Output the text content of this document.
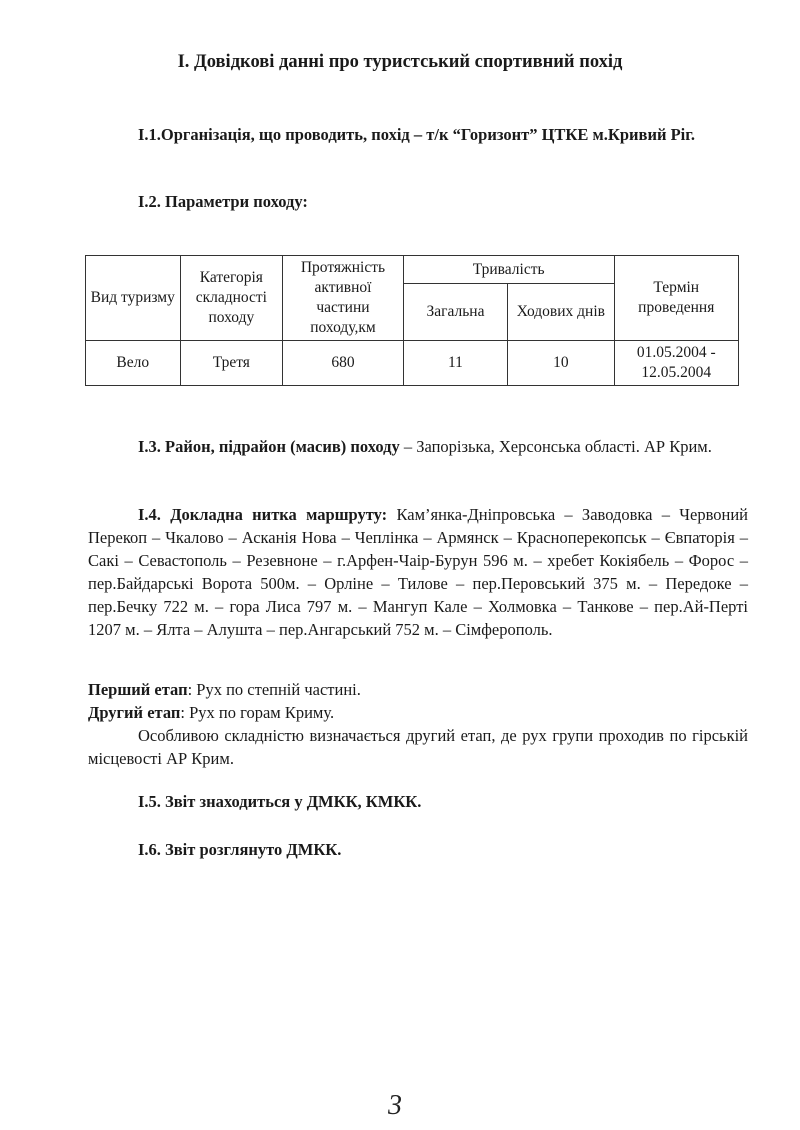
I. Довідкові данні про туристський спортивний похід
I.1.Організація, що проводить, похід – т/к “Горизонт” ЦТКЕ м.Кривий Ріг.
I.2. Параметри походу:
Вид туризму	Категорія складності походу	Протяжність активної частини походу,км	Тривалість		Термін проведення
			Загальна	Ходових днів	
Вело	Третя	680	11	10	01.05.2004 -
12.05.2004
I.3. Район, підрайон (масив) походу – Запорізька, Херсонська області. АР Крим.
I.4. Докладна нитка маршруту: Кам’янка-Дніпровська – Заводовка – Червоний Перекоп – Чкалово – Асканія Нова – Чеплінка – Армянск – Красноперекопськ – Євпаторія – Сакі – Севастополь – Резевноне – г.Арфен-Чаір-Бурун 596 м. – хребет Кокіябель – Форос – пер.Байдарські Ворота 500м. – Орліне – Тилове – пер.Перовський 375 м. – Передоке – пер.Бечку 722 м. – гора Лиса 797 м. – Мангуп Кале – Холмовка – Танкове – пер.Ай-Перті 1207 м. – Ялта – Алушта – пер.Ангарський 752 м. – Сімферополь.
Перший етап: Рух по степній частині.
Другий етап: Рух по горам Криму.
Особливою складністю визначається другий етап, де рух групи проходив по гірській місцевості АР Крим.
I.5. Звіт знаходиться у ДМКК, КМКК.
I.6. Звіт розглянуто ДМКК.
3
